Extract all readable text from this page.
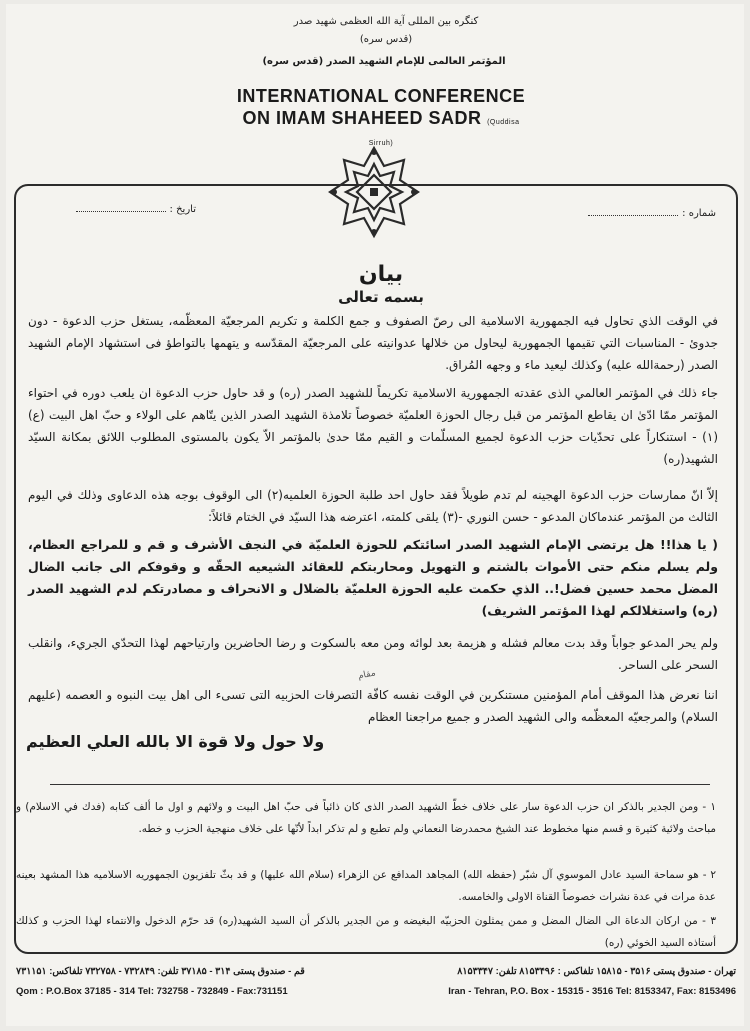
کنگره بین المللی آیة الله العظمی شهید صدر
(قدس سره)
المؤتمر العالمی للإمام الشهید الصدر (قدس سره)
INTERNATIONAL CONFERENCE
ON IMAM SHAHEED SADR (Quddisa Sirruh)
شماره :
تاریخ :
بیان
بسمه تعالی
في الوقت الذي تحاول فيه الجمهورية الاسلامية الى رصّ الصفوف و جمع الكلمة و تكريم المرجعيّة المعظّمه، يستغل حزب الدعوة - دون جدوئ - المناسبات التي تقيمها الجمهورية ليحاول من خلالها عدوانيته على المرجعيّة المقدّسه و يتهمها بالتواطؤ فى استشهاد الإمام الشهيد الصدر (رحمةالله عليه) وكذلك ليعيد ماء و وجهه المُراق.
جاء ذلك في المؤتمر العالمي الذى عقدته الجمهورية الاسلامية تكريماً للشهيد الصدر (ره) و قد حاول حزب الدعوة ان يلعب دوره في احتواء المؤتمر ممّا ادّىٰ ان يقاطع المؤتمر من قبل رجال الحوزة العلميّة خصوصاً تلامذة الشهيد الصدر الذين يتّاهم على الولاء و حبّ اهل البيت (ع)(١) - استنكاراً على تحدّيات حزب الدعوة لجميع المسلّمات و القيم ممّا حدىٰ بالمؤتمر الاّ يكون بالمستوى المطلوب اللائق بمكانة السيّد الشهيد(ره)
إلاّ انّ ممارسات حزب الدعوة الهجينه لم تدم طويلاً فقد حاول احد طلبة الحوزة العلميه(٢) الى الوقوف بوجه هذه الدعاوى وذلك في اليوم الثالث من المؤتمر عندماكان المدعو - حسن النوري -(٣) يلقى كلمته، اعترضه هذا السيّد في الختام قائلاً:
( يا هذا!! هل يرتضى الإمام الشهيد الصدر اسائتكم للحوزة العلميّة في النجف الأشرف و قم و للمراجع العظام، ولم يسلم منكم حتى الأموات بالشتم و التهويل ومحاربتكم للعقائد الشيعيه الحقّه و وقوفكم الى جانب الضال المضل محمد حسين فضل!.. الذي حكمت عليه الحوزة العلميّة بالضلال و الانحراف و مصادرتكم لدم الشهيد الصدر (ره) واستغلالكم لهذا المؤتمر الشريف)
ولم يحر المدعو جواباً وقد بدت معالم فشله و هزيمة بعد لوائه ومن معه بالسكوت و رضا الحاضرين وارتياحهم لهذا التحدّي الجريء، وانقلب السحر على الساحر.
مقام
اننا نعرض هذا الموقف أمام المؤمنين مستنكرين في الوقت نفسه كافّة التصرفات الحزبيه التى تسىء الى اهل بيت النبوه و العصمه (عليهم السلام) والمرجعيّه المعظّمه والى الشهيد الصدر و جميع مراجعنا العظام
ولا حول ولا قوة الا بالله العلي العظيم
١ - ومن الجدير بالذكر ان حزب الدعوة سار على خلاف خطّ الشهيد الصدر الذى كان ذائباً فى حبّ اهل البيت و ولائهم و اول ما ألف كتابه (فدك في الاسلام) و مباحث ولائية كثيرة و قسم منها مخطوط عند الشيخ محمدرضا النعماني ولم تطبع و لم تذكر ابداً لأنّها على خلاف منهجية الحزب و خطه.
٢ - هو سماحة السيد عادل الموسوي آل شبّر (حفظه الله) المجاهد المدافع عن الزهراء (سلام الله عليها) و قد بثّ تلفزيون الجمهوريه الاسلاميه هذا المشهد بعينه عدة مرات في عدة نشرات خصوصاً القناة الاولى والخامسه.
٣ - من اركان الدعاة الى الضال المضل و ممن يمثلون الحزبيّه البغيضه و من الجدير بالذكر أن السيد الشهيد(ره) قد حرّم الدخول والانتماء لهذا الحزب و كذلك أستاذه السيد الخوئي (ره)
قم - صندوق پستی ۳۱۴ - ۳۷۱۸۵ تلفن: ۷۳۲۸۴۹ - ۷۳۲۷۵۸ تلفاکس: ۷۳۱۱۵۱
Qom : P.O.Box 37185 - 314 Tel: 732758 - 732849 - Fax:731151
تهران - صندوق پستی ۳۵۱۶ - ۱۵۸۱۵ تلفاکس : ۸۱۵۳۴۹۶ تلفن: ۸۱۵۳۳۴۷
Iran - Tehran, P.O. Box - 15315 - 3516 Tel: 8153347, Fax: 8153496
